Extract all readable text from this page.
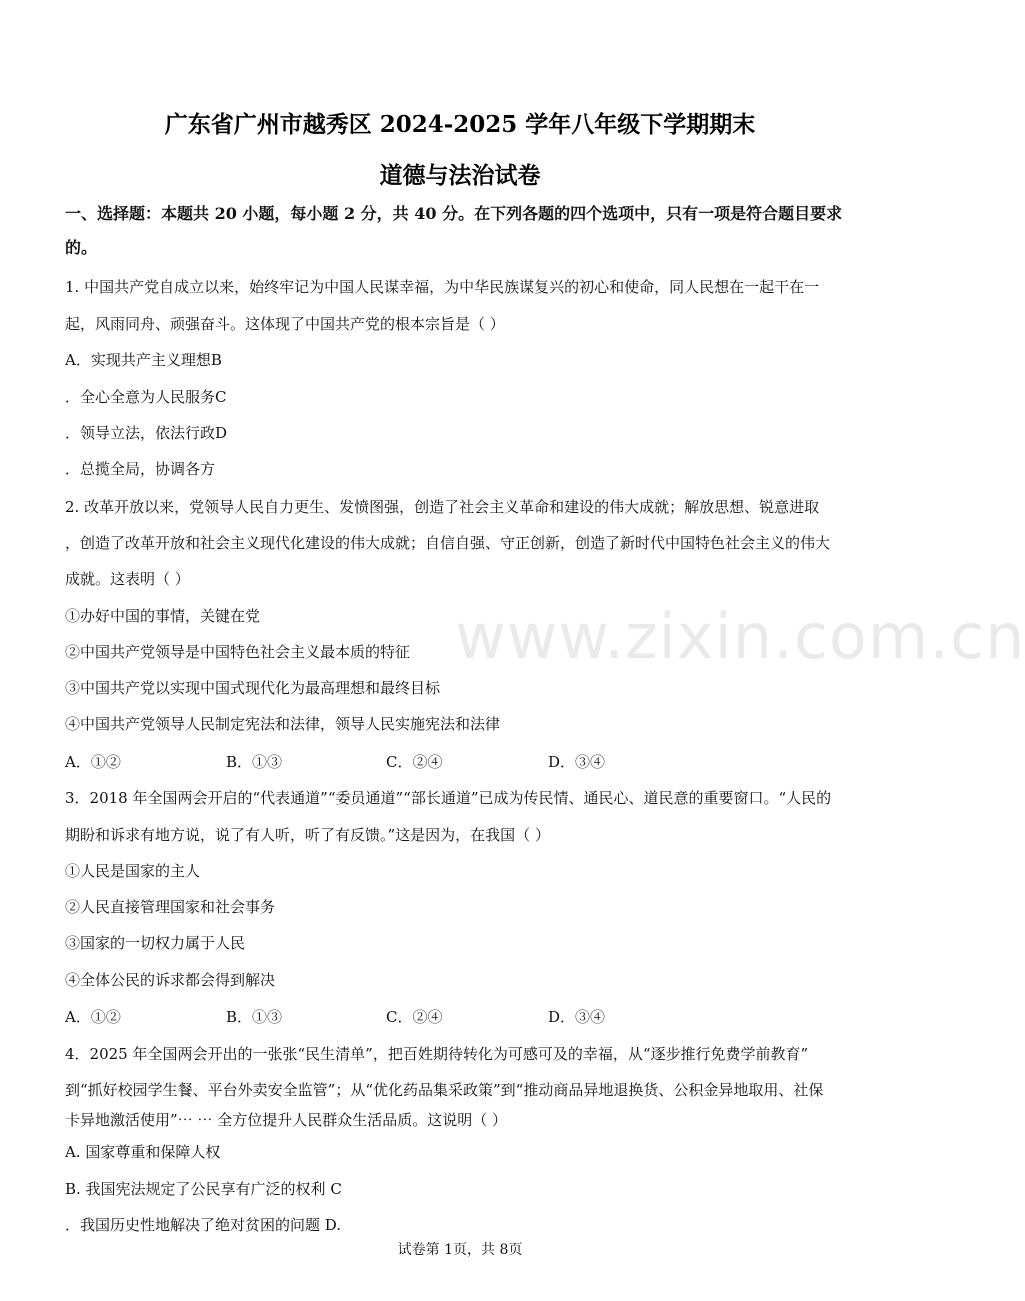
www.zixin.com.cn
广东省广州市越秀区 2024-2025 学年八年级下学期期末
道德与法治试卷
一、选择题：本题共 20 小题，每小题 2 分，共 40 分。在下列各题的四个选项中，只有一项是符合题目要求的。
1. 中国共产党自成立以来，始终牢记为中国人民谋幸福，为中华民族谋复兴的初心和使命，同人民想在一起干在一
起，风雨同舟、顽强奋斗。这体现了中国共产党的根本宗旨是（ ）
A．实现共产主义理想B
．全心全意为人民服务C
．领导立法，依法行政D
．总揽全局，协调各方
2. 改革开放以来，党领导人民自力更生、发愤图强，创造了社会主义革命和建设的伟大成就；解放思想、锐意进取
，创造了改革开放和社会主义现代化建设的伟大成就；自信自强、守正创新，创造了新时代中国特色社会主义的伟大
成就。这表明（ ）
①办好中国的事情，关键在党
②中国共产党领导是中国特色社会主义最本质的特征
③中国共产党以实现中国式现代化为最高理想和最终目标
④中国共产党领导人民制定宪法和法律，领导人民实施宪法和法律
A．①②	B．①③	C．②④	D．③④
3．2018 年全国两会开启的“代表通道”“委员通道”“部长通道”已成为传民情、通民心、道民意的重要窗口。“人民的
期盼和诉求有地方说，说了有人听，听了有反馈。”这是因为，在我国（ ）
①人民是国家的主人
②人民直接管理国家和社会事务
③国家的一切权力属于人民
④全体公民的诉求都会得到解决
A．①②	B．①③	C．②④	D．③④
4．2025 年全国两会开出的一张张“民生清单”，把百姓期待转化为可感可及的幸福，从“逐步推行免费学前教育”
到“抓好校园学生餐、平台外卖安全监管”；从“优化药品集采政策”到“推动商品异地退换货、公积金异地取用、社保
卡异地激活使用”⋯ ⋯ 全方位提升人民群众生活品质。这说明（ ）
A. 国家尊重和保障人权
B. 我国宪法规定了公民享有广泛的权利 C
．我国历史性地解决了绝对贫困的问题 D.
试卷第 1页，共 8页
